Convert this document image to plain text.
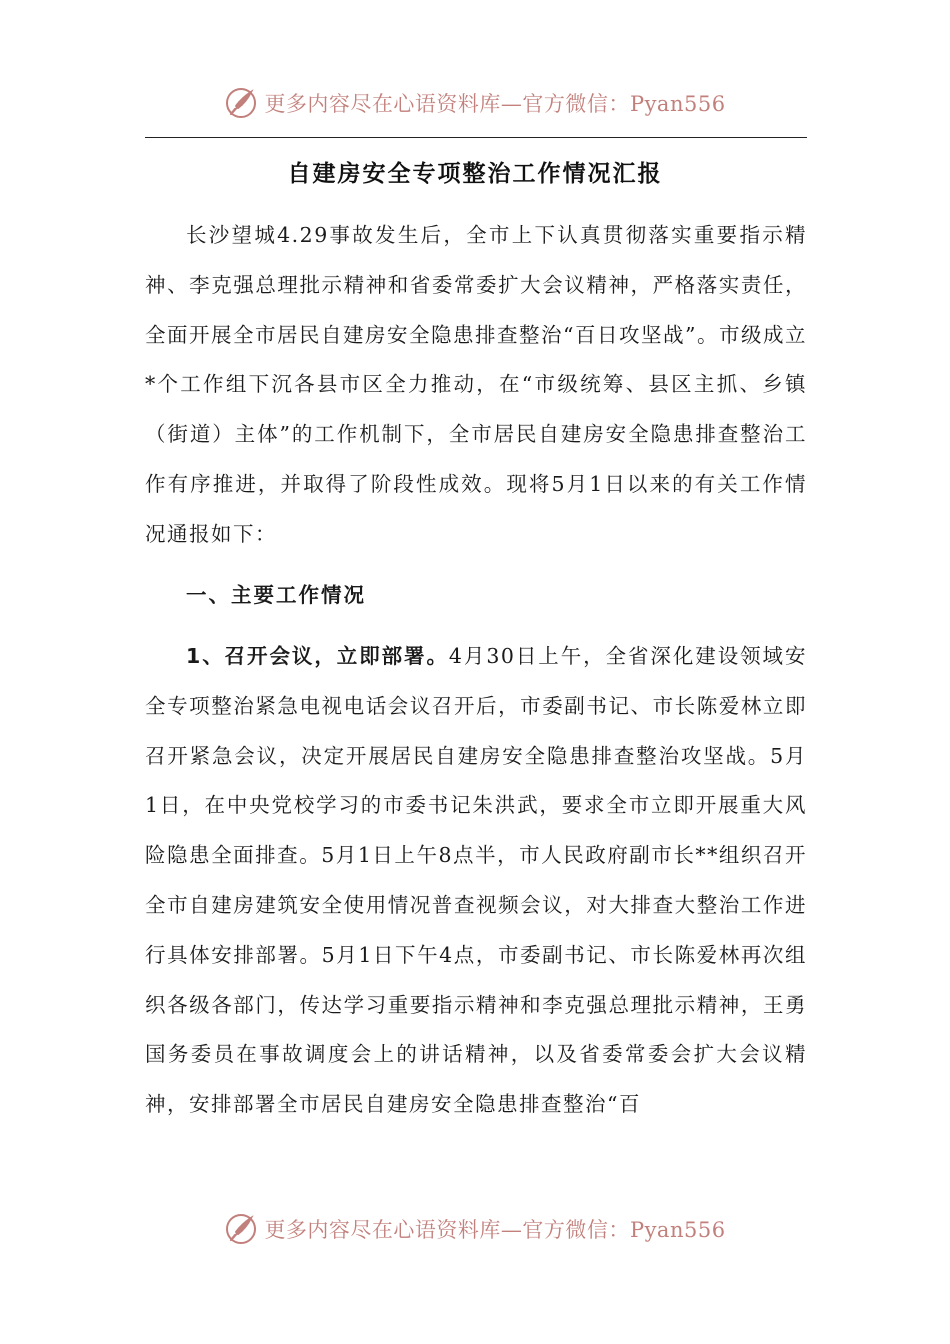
更多内容尽在心语资料库—官方微信：Pyan556
自建房安全专项整治工作情况汇报

长沙望城4.29事故发生后，全市上下认真贯彻落实重要指示精神、李克强总理批示精神和省委常委扩大会议精神，严格落实责任，全面开展全市居民自建房安全隐患排查整治“百日攻坚战”。市级成立*个工作组下沉各县市区全力推动，在“市级统筹、县区主抓、乡镇（街道）主体”的工作机制下，全市居民自建房安全隐患排查整治工作有序推进，并取得了阶段性成效。现将5月1日以来的有关工作情况通报如下：

一、主要工作情况

1、召开会议，立即部署。4月30日上午，全省深化建设领域安全专项整治紧急电视电话会议召开后，市委副书记、市长陈爱林立即召开紧急会议，决定开展居民自建房安全隐患排查整治攻坚战。5月1日，在中央党校学习的市委书记朱洪武，要求全市立即开展重大风险隐患全面排查。5月1日上午8点半，市人民政府副市长**组织召开全市自建房建筑安全使用情况普查视频会议，对大排查大整治工作进行具体安排部署。5月1日下午4点，市委副书记、市长陈爱林再次组织各级各部门，传达学习重要指示精神和李克强总理批示精神，王勇国务委员在事故调度会上的讲话精神，以及省委常委会扩大会议精神，安排部署全市居民自建房安全隐患排查整治“百

更多内容尽在心语资料库—官方微信：Pyan556
